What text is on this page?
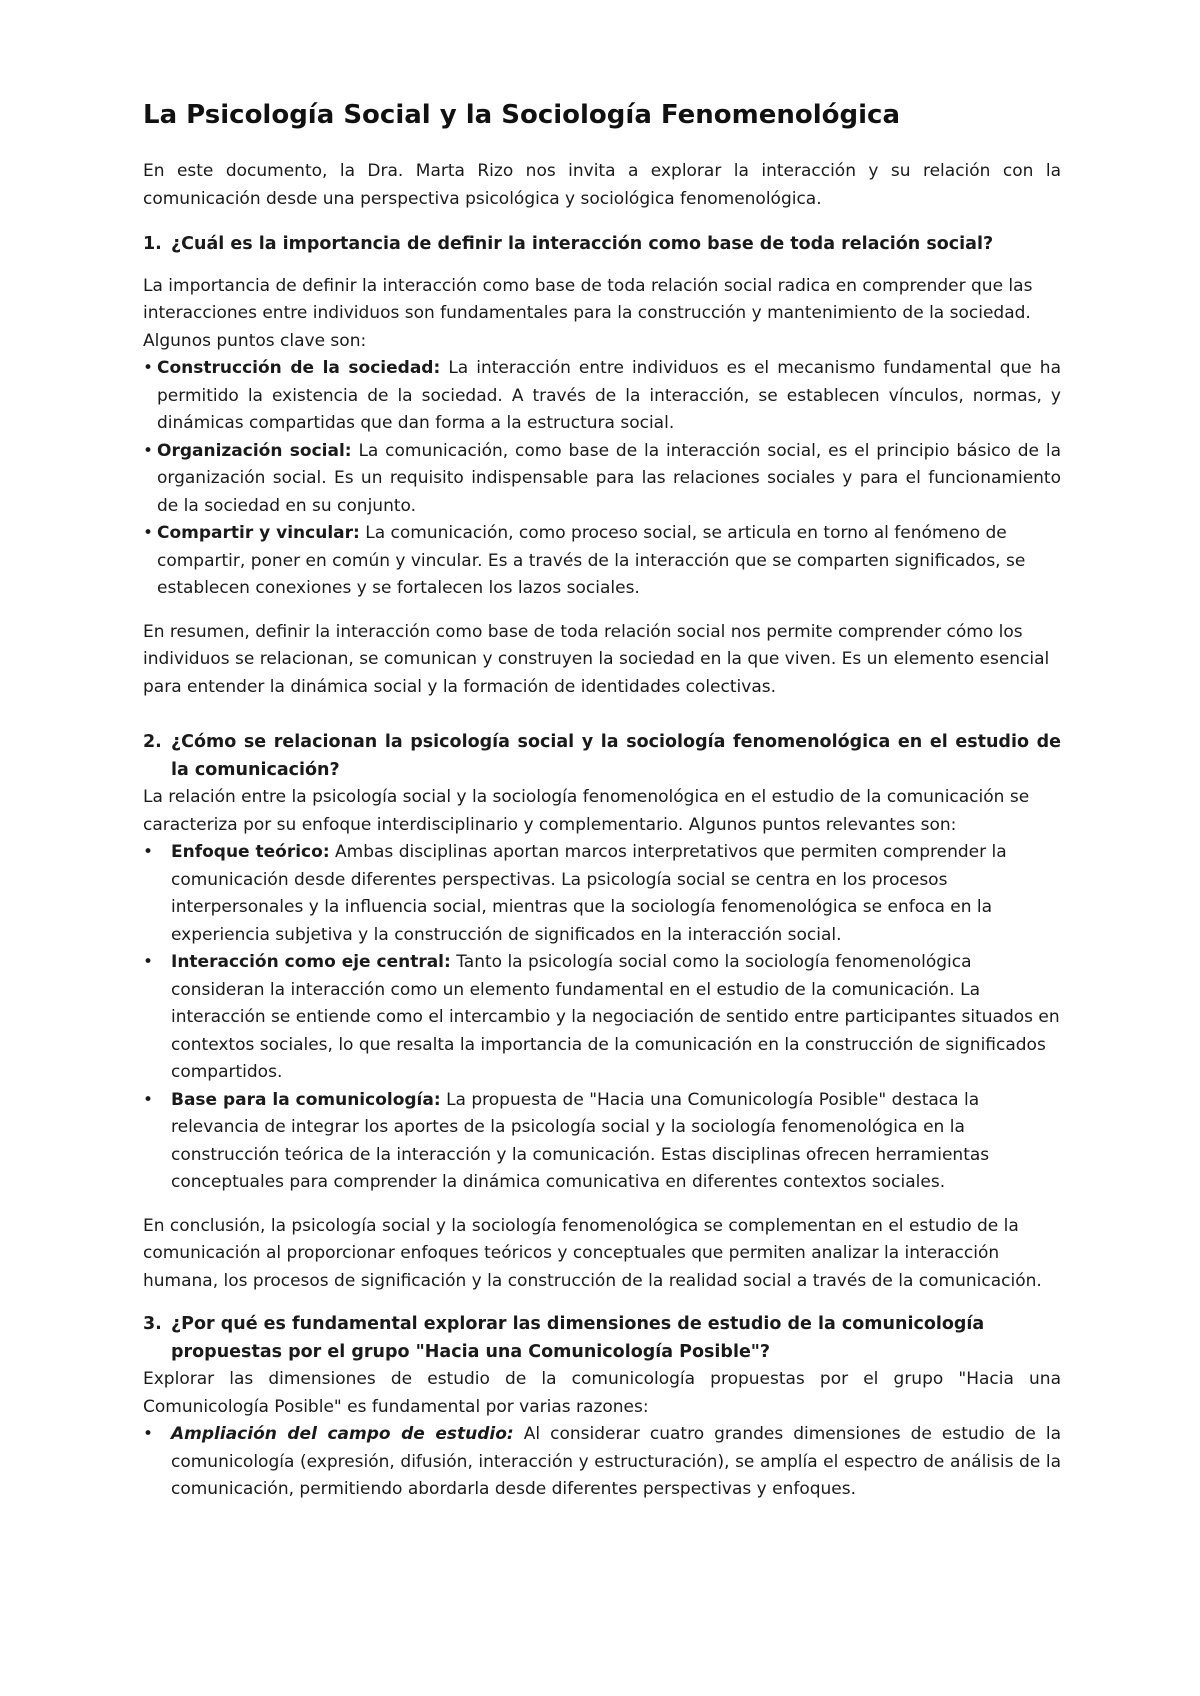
La Psicología Social y la Sociología Fenomenológica

En este documento, la Dra. Marta Rizo nos invita a explorar la interacción y su relación con la comunicación desde una perspectiva psicológica y sociológica fenomenológica.

1. ¿Cuál es la importancia de definir la interacción como base de toda relación social?

La importancia de definir la interacción como base de toda relación social radica en comprender que las interacciones entre individuos son fundamentales para la construcción y mantenimiento de la sociedad. Algunos puntos clave son:

• Construcción de la sociedad: La interacción entre individuos es el mecanismo fundamental que ha permitido la existencia de la sociedad. A través de la interacción, se establecen vínculos, normas, y dinámicas compartidas que dan forma a la estructura social.
• Organización social: La comunicación, como base de la interacción social, es el principio básico de la organización social. Es un requisito indispensable para las relaciones sociales y para el funcionamiento de la sociedad en su conjunto.
• Compartir y vincular: La comunicación, como proceso social, se articula en torno al fenómeno de compartir, poner en común y vincular. Es a través de la interacción que se comparten significados, se establecen conexiones y se fortalecen los lazos sociales.

En resumen, definir la interacción como base de toda relación social nos permite comprender cómo los individuos se relacionan, se comunican y construyen la sociedad en la que viven. Es un elemento esencial para entender la dinámica social y la formación de identidades colectivas.

2. ¿Cómo se relacionan la psicología social y la sociología fenomenológica en el estudio de la comunicación?

La relación entre la psicología social y la sociología fenomenológica en el estudio de la comunicación se caracteriza por su enfoque interdisciplinario y complementario. Algunos puntos relevantes son:

•	Enfoque teórico: Ambas disciplinas aportan marcos interpretativos que permiten comprender la comunicación desde diferentes perspectivas. La psicología social se centra en los procesos interpersonales y la influencia social, mientras que la sociología fenomenológica se enfoca en la experiencia subjetiva y la construcción de significados en la interacción social.
•	Interacción como eje central: Tanto la psicología social como la sociología fenomenológica consideran la interacción como un elemento fundamental en el estudio de la comunicación. La interacción se entiende como el intercambio y la negociación de sentido entre participantes situados en contextos sociales, lo que resalta la importancia de la comunicación en la construcción de significados compartidos.
•	Base para la comunicología: La propuesta de "Hacia una Comunicología Posible" destaca la relevancia de integrar los aportes de la psicología social y la sociología fenomenológica en la construcción teórica de la interacción y la comunicación. Estas disciplinas ofrecen herramientas conceptuales para comprender la dinámica comunicativa en diferentes contextos sociales.

En conclusión, la psicología social y la sociología fenomenológica se complementan en el estudio de la comunicación al proporcionar enfoques teóricos y conceptuales que permiten analizar la interacción humana, los procesos de significación y la construcción de la realidad social a través de la comunicación.

3. ¿Por qué es fundamental explorar las dimensiones de estudio de la comunicología propuestas por el grupo "Hacia una Comunicología Posible"?

Explorar las dimensiones de estudio de la comunicología propuestas por el grupo "Hacia una Comunicología Posible" es fundamental por varias razones:

•	Ampliación del campo de estudio: Al considerar cuatro grandes dimensiones de estudio de la comunicología (expresión, difusión, interacción y estructuración), se amplía el espectro de análisis de la comunicación, permitiendo abordarla desde diferentes perspectivas y enfoques.
